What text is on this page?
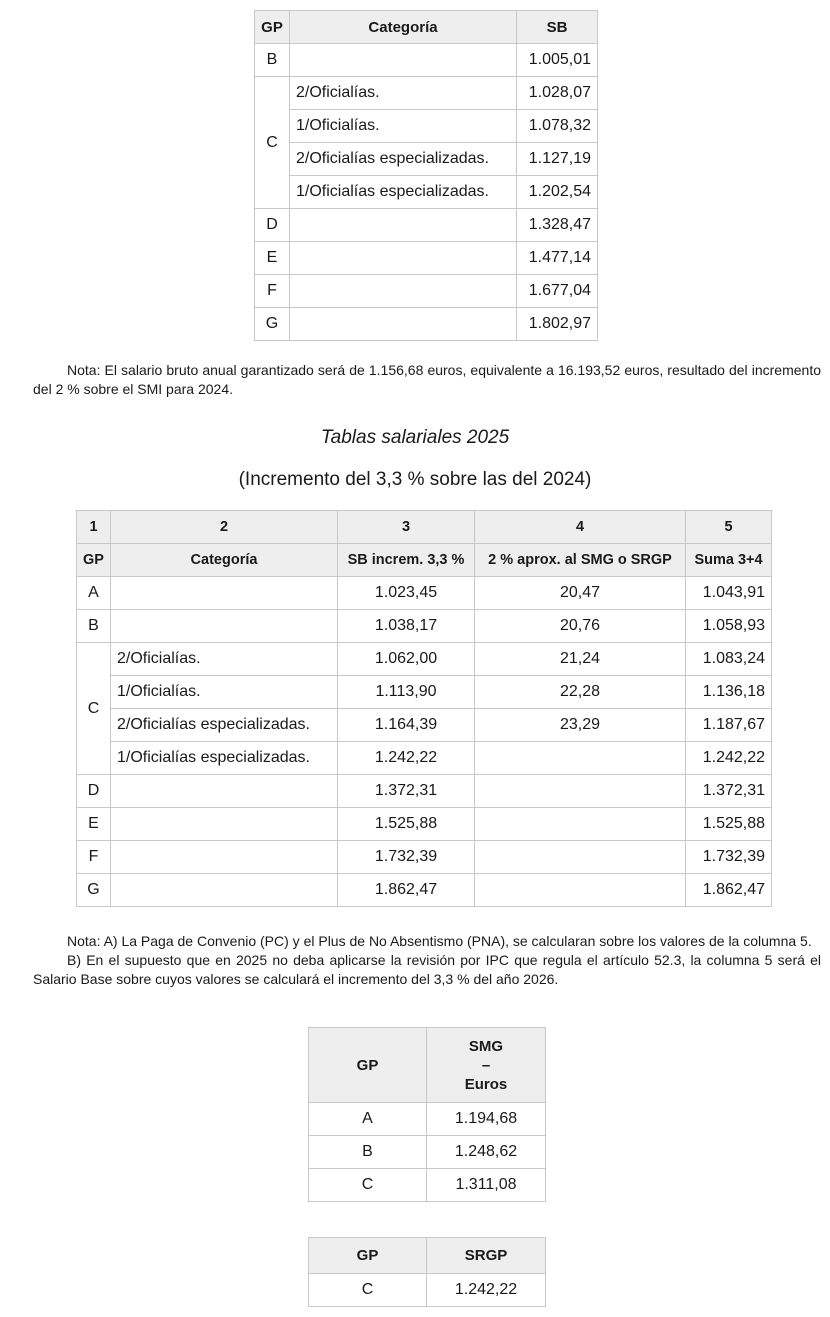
GP	Categoría	SB
B		1.005,01
C	2/Oficialías.	1.028,07
	1/Oficialías.	1.078,32
	2/Oficialías especializadas.	1.127,19
	1/Oficialías especializadas.	1.202,54
D		1.328,47
E		1.477,14
F		1.677,04
G		1.802,97

Nota: El salario bruto anual garantizado será de 1.156,68 euros, equivalente a 16.193,52 euros, resultado del incremento del 2 % sobre el SMI para 2024.

Tablas salariales 2025
(Incremento del 3,3 % sobre las del 2024)
1	2	3	4	5
GP	Categoría	SB increm. 3,3 %	2 % aprox. al SMG o SRGP	Suma 3+4
A		1.023,45	20,47	1.043,91
B		1.038,17	20,76	1.058,93
C	2/Oficialías.	1.062,00	21,24	1.083,24
	1/Oficialías.	1.113,90	22,28	1.136,18
	2/Oficialías especializadas.	1.164,39	23,29	1.187,67
	1/Oficialías especializadas.	1.242,22		1.242,22
D		1.372,31		1.372,31
E		1.525,88		1.525,88
F		1.732,39		1.732,39
G		1.862,47		1.862,47

Nota: A) La Paga de Convenio (PC) y el Plus de No Absentismo (PNA), se calcularan sobre los valores de la columna 5.

B) En el supuesto que en 2025 no deba aplicarse la revisión por IPC que regula el artículo 52.3, la columna 5 será el Salario Base sobre cuyos valores se calculará el incremento del 3,3 % del año 2026.

GP	SMG
–
Euros

A	1.194,68
B	1.248,62
C	1.311,08
GP	SRGP
C	1.242,22
